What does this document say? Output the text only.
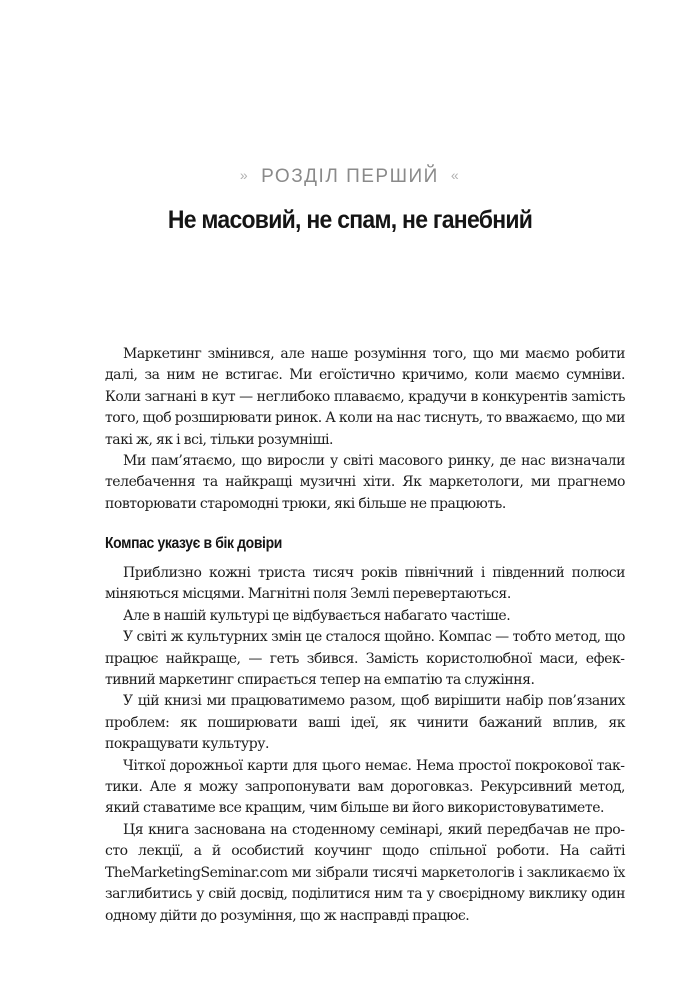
» РОЗДІЛ ПЕРШИЙ «
Не масовий, не спам, не ганебний

Маркетинг змінився, але наше розуміння того, що ми маємо робити далі, за ним не встигає. Ми егоїстично кричимо, коли маємо сумніви. Коли загнані в кут — неглибоко плаваємо, крадучи в конкурентів заmість того, щоб розширювати ринок. А коли на нас тиснуть, то вважаємо, що ми такі ж, як і всі, тільки розумніші.

Ми пам’ятаємо, що виросли у світі масового ринку, де нас визначали телебачення та найкращі музичні хіти. Як маркетологи, ми прагнемо повторювати старомодні трюки, які більше не працюють.

Компас указує в бік довіри

Приблизно кожні триста тисяч років північний і південний полюси міняються місцями. Магнітні поля Землі перевертаються.

Але в нашій культурі це відбувається набагато частіше.

У світі ж культурних змін це сталося щойно. Компас — тобто метод, що працює найкраще, — геть збився. Замість користолюбної маси, ефективний маркетинг спирається тепер на емпатію та служіння.

У цій книзі ми працюватимемо разом, щоб вирішити набір пов’язаних проблем: як поширювати ваші ідеї, як чинити бажаний вплив, як покращувати культуру.

Чіткої дорожньої карти для цього немає. Нема простої покрокової тактики. Але я можу запропонувати вам дороговказ. Рекурсивний метод, який ставатиме все кращим, чим більше ви його використовуватимете.

Ця книга заснована на стоденному семінарі, який передбачав не просто лекції, а й особистий коучинг щодо спільної роботи. На сайті TheMarketingSeminar.com ми зібрали тисячі маркетологів і закликаємо їх заглибитись у свій досвід, поділитися ним та у своєрідному виклику один одному дійти до розуміння, що ж насправді працює.
